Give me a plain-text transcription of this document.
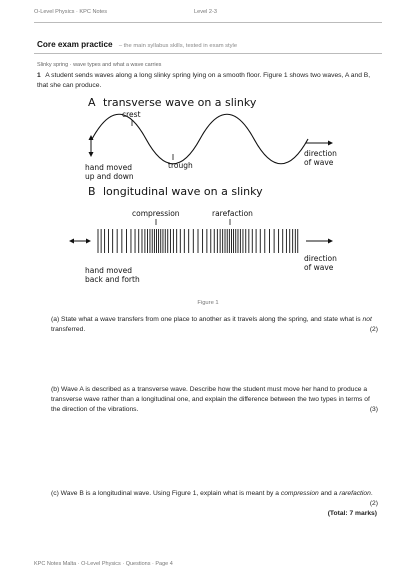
O-Level Physics · KPC Notes	Level 2-3
Core exam practice – the main syllabus skills, tested in exam style
Slinky spring · wave types and what a wave carries
1 A student sends waves along a long slinky spring lying on a smooth floor. Figure 1 shows two waves, A and B, that she can produce.
A transverse wave on a slinky
crest
trough
hand moved
up and down
direction
of wave
B longitudinal wave on a slinky
compression	rarefaction
hand moved
back and forth
direction
of wave
Figure 1
(a) State what a wave transfers from one place to another as it travels along the spring, and state what is not transferred.	(2)
(b) Wave A is described as a transverse wave. Describe how the student must move her hand to produce a transverse wave rather than a longitudinal one, and explain the difference between the two types in terms of the direction of the vibrations.	(3)
(c) Wave B is a longitudinal wave. Using Figure 1, explain what is meant by a compression and a rarefaction.
(2)
(Total: 7 marks)
KPC Notes Malta · O-Level Physics · Questions · Page 4
